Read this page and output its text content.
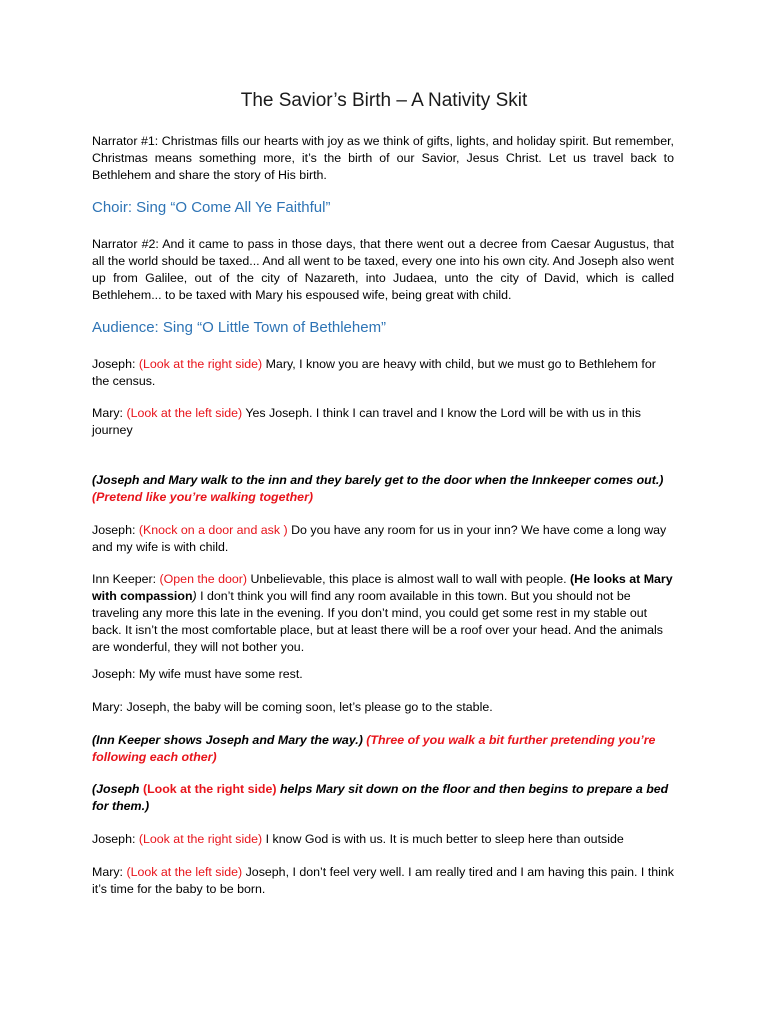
The Savior’s Birth – A Nativity Skit

Narrator #1: Christmas fills our hearts with joy as we think of gifts, lights, and holiday spirit. But remember, Christmas means something more, it’s the birth of our Savior, Jesus Christ. Let us travel back to Bethlehem and share the story of His birth.

Choir: Sing “O Come All Ye Faithful”

Narrator #2: And it came to pass in those days, that there went out a decree from Caesar Augustus, that all the world should be taxed... And all went to be taxed, every one into his own city. And Joseph also went up from Galilee, out of the city of Nazareth, into Judaea, unto the city of David, which is called Bethlehem... to be taxed with Mary his espoused wife, being great with child.

Audience: Sing “O Little Town of Bethlehem”

Joseph: (Look at the right side) Mary, I know you are heavy with child, but we must go to Bethlehem for the census.

Mary: (Look at the left side) Yes Joseph. I think I can travel and I know the Lord will be with us in this journey

(Joseph and Mary walk to the inn and they barely get to the door when the Innkeeper comes out.)
(Pretend like you’re walking together)

Joseph: (Knock on a door and ask ) Do you have any room for us in your inn? We have come a long way and my wife is with child.

Inn Keeper: (Open the door) Unbelievable, this place is almost wall to wall with people. (He looks at Mary with compassion) I don’t think you will find any room available in this town. But you should not be traveling any more this late in the evening. If you don’t mind, you could get some rest in my stable out back. It isn’t the most comfortable place, but at least there will be a roof over your head. And the animals are wonderful, they will not bother you.

Joseph: My wife must have some rest.

Mary: Joseph, the baby will be coming soon, let’s please go to the stable.

(Inn Keeper shows Joseph and Mary the way.) (Three of you walk a bit further pretending you’re following each other)

(Joseph (Look at the right side) helps Mary sit down on the floor and then begins to prepare a bed for them.)

Joseph: (Look at the right side) I know God is with us. It is much better to sleep here than outside

Mary: (Look at the left side) Joseph, I don’t feel very well. I am really tired and I am having this pain. I think it’s time for the baby to be born.
